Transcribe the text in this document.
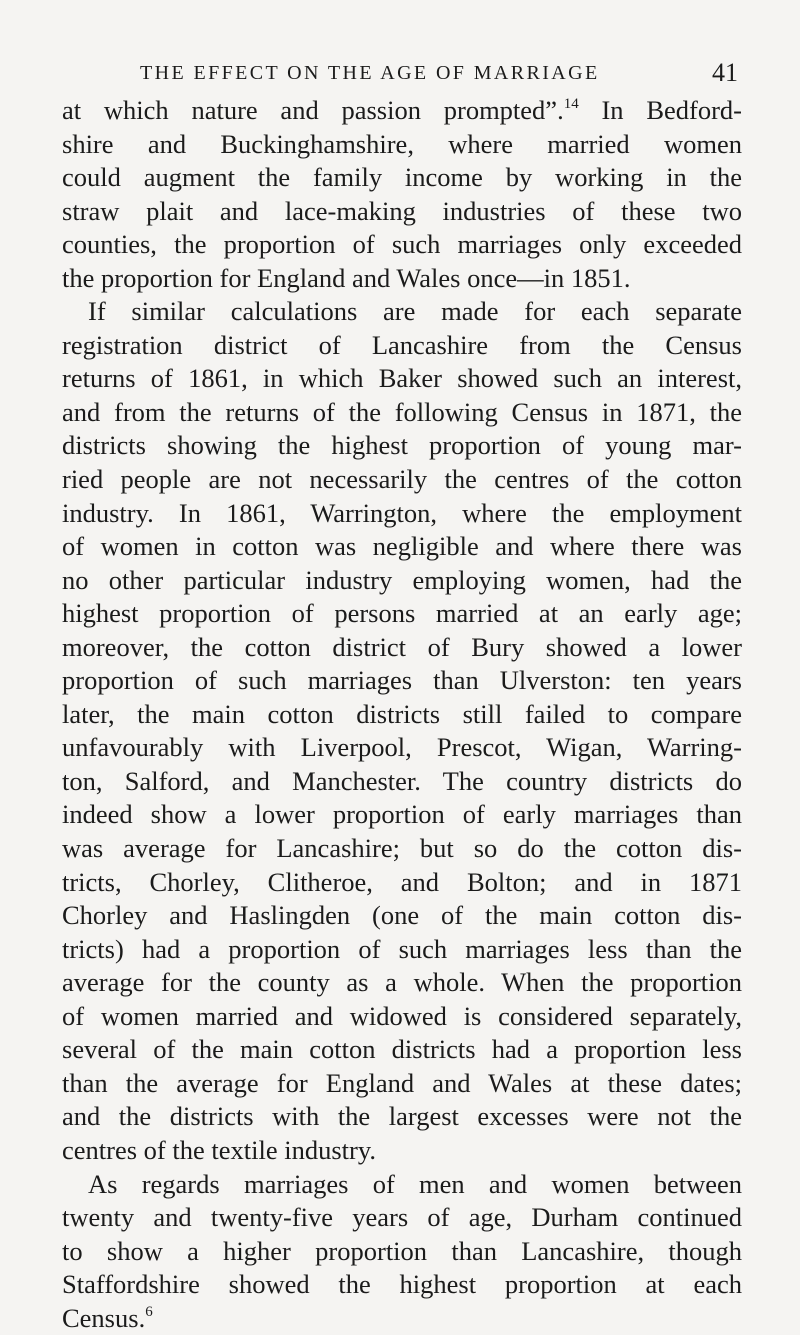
THE EFFECT ON THE AGE OF MARRIAGE	41
at which nature and passion prompted”.$^{14}$ In Bedford-
shire and Buckinghamshire, where married women
could augment the family income by working in the
straw plait and lace-making industries of these two
counties, the proportion of such marriages only exceeded
the proportion for England and Wales once—in 1851.
If similar calculations are made for each separate
registration district of Lancashire from the Census
returns of 1861, in which Baker showed such an interest,
and from the returns of the following Census in 1871, the
districts showing the highest proportion of young mar-
ried people are not necessarily the centres of the cotton
industry. In 1861, Warrington, where the employment
of women in cotton was negligible and where there was
no other particular industry employing women, had the
highest proportion of persons married at an early age;
moreover, the cotton district of Bury showed a lower
proportion of such marriages than Ulverston: ten years
later, the main cotton districts still failed to compare
unfavourably with Liverpool, Prescot, Wigan, Warring-
ton, Salford, and Manchester. The country districts do
indeed show a lower proportion of early marriages than
was average for Lancashire; but so do the cotton dis-
tricts, Chorley, Clitheroe, and Bolton; and in 1871
Chorley and Haslingden (one of the main cotton dis-
tricts) had a proportion of such marriages less than the
average for the county as a whole. When the proportion
of women married and widowed is considered separately,
several of the main cotton districts had a proportion less
than the average for England and Wales at these dates;
and the districts with the largest excesses were not the
centres of the textile industry.
As regards marriages of men and women between
twenty and twenty-five years of age, Durham continued
to show a higher proportion than Lancashire, though
Staffordshire showed the highest proportion at each
Census.$^6$
